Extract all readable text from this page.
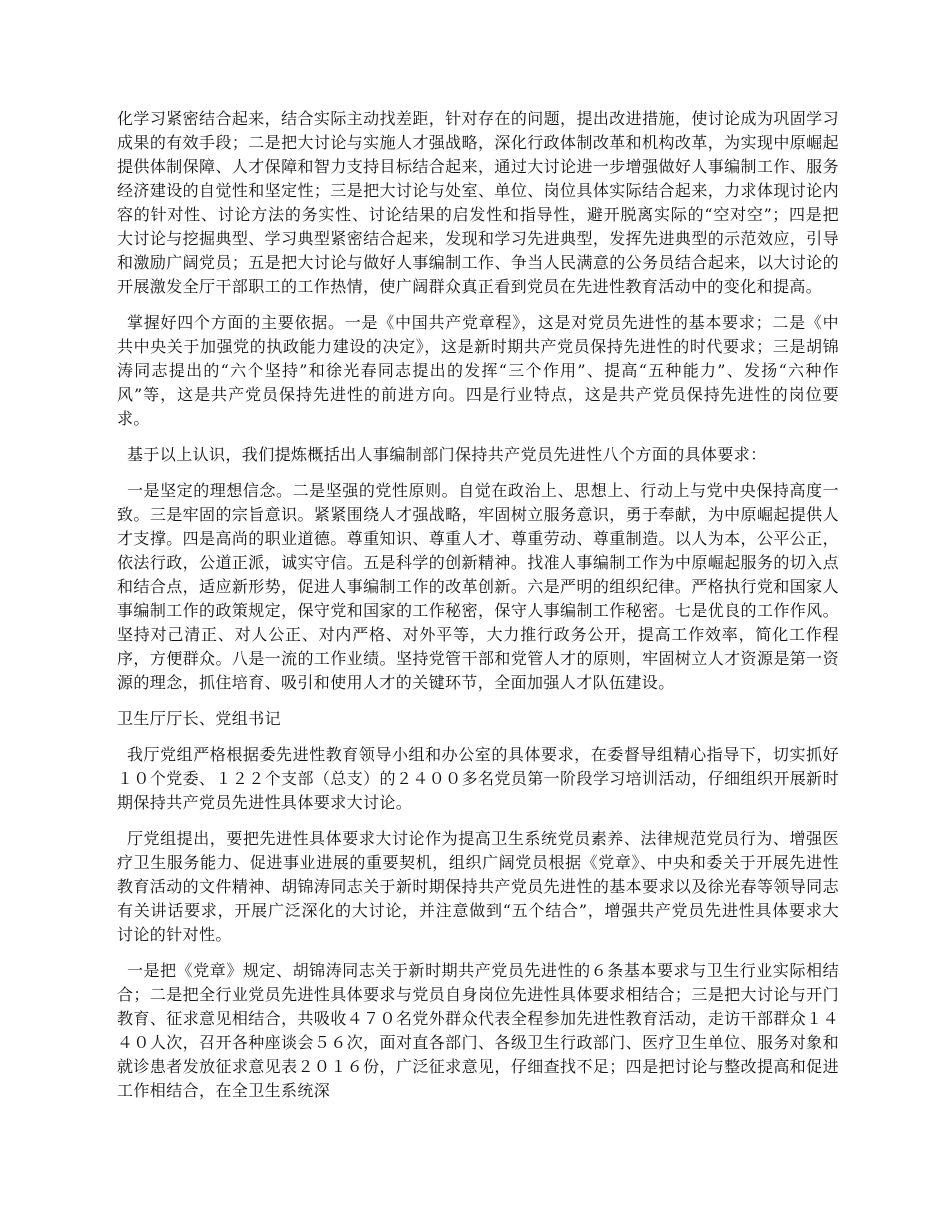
化学习紧密结合起来，结合实际主动找差距，针对存在的问题，提出改进措施，使讨论成为巩固学习成果的有效手段；二是把大讨论与实施人才强战略，深化行政体制改革和机构改革，为实现中原崛起提供体制保障、人才保障和智力支持目标结合起来，通过大讨论进一步增强做好人事编制工作、服务经济建设的自觉性和坚定性；三是把大讨论与处室、单位、岗位具体实际结合起来，力求体现讨论内容的针对性、讨论方法的务实性、讨论结果的启发性和指导性，避开脱离实际的“空对空”；四是把大讨论与挖掘典型、学习典型紧密结合起来，发现和学习先进典型，发挥先进典型的示范效应，引导和激励广阔党员；五是把大讨论与做好人事编制工作、争当人民满意的公务员结合起来，以大讨论的开展激发全厅干部职工的工作热情，使广阔群众真正看到党员在先进性教育活动中的变化和提高。

掌握好四个方面的主要依据。一是《中国共产党章程》，这是对党员先进性的基本要求；二是《中共中央关于加强党的执政能力建设的决定》，这是新时期共产党员保持先进性的时代要求；三是胡锦涛同志提出的“六个坚持”和徐光春同志提出的发挥“三个作用”、提高“五种能力”、发扬“六种作风”等，这是共产党员保持先进性的前进方向。四是行业特点，这是共产党员保持先进性的岗位要求。

基于以上认识，我们提炼概括出人事编制部门保持共产党员先进性八个方面的具体要求：

一是坚定的理想信念。二是坚强的党性原则。自觉在政治上、思想上、行动上与党中央保持高度一致。三是牢固的宗旨意识。紧紧围绕人才强战略，牢固树立服务意识，勇于奉献，为中原崛起提供人才支撑。四是高尚的职业道德。尊重知识、尊重人才、尊重劳动、尊重制造。以人为本，公平公正，依法行政，公道正派，诚实守信。五是科学的创新精神。找准人事编制工作为中原崛起服务的切入点和结合点，适应新形势，促进人事编制工作的改革创新。六是严明的组织纪律。严格执行党和国家人事编制工作的政策规定，保守党和国家的工作秘密，保守人事编制工作秘密。七是优良的工作作风。坚持对己清正、对人公正、对内严格、对外平等，大力推行政务公开，提高工作效率，简化工作程序，方便群众。八是一流的工作业绩。坚持党管干部和党管人才的原则，牢固树立人才资源是第一资源的理念，抓住培育、吸引和使用人才的关键环节，全面加强人才队伍建设。

卫生厅厅长、党组书记

我厅党组严格根据委先进性教育领导小组和办公室的具体要求，在委督导组精心指导下，切实抓好１０个党委、１２２个支部（总支）的２４００多名党员第一阶段学习培训活动，仔细组织开展新时期保持共产党员先进性具体要求大讨论。

厅党组提出，要把先进性具体要求大讨论作为提高卫生系统党员素养、法律规范党员行为、增强医疗卫生服务能力、促进事业进展的重要契机，组织广阔党员根据《党章》、中央和委关于开展先进性教育活动的文件精神、胡锦涛同志关于新时期保持共产党员先进性的基本要求以及徐光春等领导同志有关讲话要求，开展广泛深化的大讨论，并注意做到“五个结合”，增强共产党员先进性具体要求大讨论的针对性。

一是把《党章》规定、胡锦涛同志关于新时期共产党员先进性的６条基本要求与卫生行业实际相结合；二是把全行业党员先进性具体要求与党员自身岗位先进性具体要求相结合；三是把大讨论与开门教育、征求意见相结合，共吸收４７０名党外群众代表全程参加先进性教育活动，走访干部群众１４４０人次，召开各种座谈会５６次，面对直各部门、各级卫生行政部门、医疗卫生单位、服务对象和就诊患者发放征求意见表２０１６份，广泛征求意见，仔细查找不足；四是把讨论与整改提高和促进工作相结合，在全卫生系统深
